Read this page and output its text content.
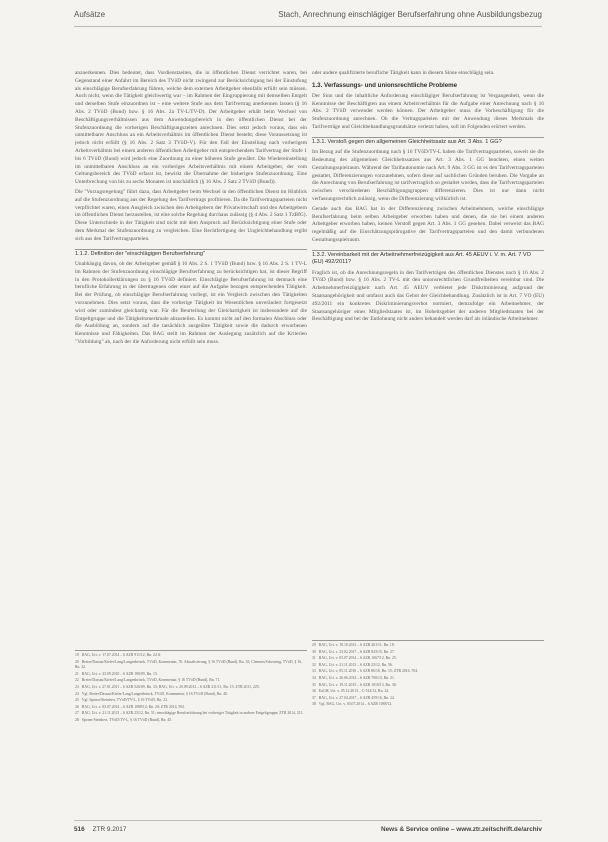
Aufsätze	Stach, Anrechnung einschlägiger Berufserfahrung ohne Ausbildungsbezug

anzuerkennen. Dies bedeutet, dass Vordienstzeiten, die in öffentlichen Dienst verrichtet waren, bei Gegenstand einer Anfahrt im Bereich des TVöD nicht zwingend zur Berücksichtigung bei der Einstufung als einschlägige Berufserfahrung führen, welche dem externen Arbeitgeber ebenfalls erfüllt sein müssen. Auch nicht, wenn die Tätigkeit gleichwertig war – im Rahmen der Eingruppierung mit demselben Entgelt und derselben Stufe einzuordnen ist – eine weitere Stufe aus dem Tarifvertrag anerkennen lassen (§ 16 Abs. 2 TVöD (Bund) bzw. § 16 Abs. 2a TV-L/TV-D). Der Arbeitgeber erhält beim Wechsel von Beschäftigungsverhältnissen aus dem Anwendungsbereich in den öffentlichen Dienst bei der Stufenzuordnung die vorherigen Beschäftigungszeiten anrechnen. Dies setzt jedoch voraus, dass ein unmittelbarer Anschluss an ein Arbeitsverhältnis im öffentlichen Dienst besteht; diese Voraussetzung ist jedoch nicht erfüllt (§ 16 Abs. 2 Satz 3 TVöD-V). Für den Fall der Einstellung nach vorherigem Arbeitsverhältnis bei einem anderen öffentlichen Arbeitgeber mit entsprechendem Tarifvertrag der Stufe 1 bis 6 TVöD (Bund) wird jedoch eine Zuordnung zu einer höheren Stufe gewährt. Die Wiedereinstellung im unmittelbaren Anschluss an ein vorheriges Arbeitsverhältnis mit einem Arbeitgeber, der vom Geltungsbereich des TVöD erfasst ist, bewirkt die Übernahme der bisherigen Stufenzuordnung. Eine Unterbrechung von bis zu sechs Monaten ist unschädlich (§ 16 Abs. 2 Satz 2 TVöD (Bund)).

Die "Vorzugsregelung" führt dazu, dass Arbeitgeber beim Wechsel in den öffentlichen Dienst im Hinblick auf die Stufenzuordnung aus der Regelung des Tarifvertrags profitieren. Da die Tarifvertragsparteien nicht verpflichtet waren, einen Ausgleich zwischen den Arbeitgebern der Privatwirtschaft und den Arbeitgebern im öffentlichen Dienst herzustellen, ist eine solche Regelung durchaus zulässig (§ 4 Abs. 2 Satz 1 TzBfG). Diese Unterschiede in der Tätigkeit sind nicht mit dem Anspruch auf Berücksichtigung einer Stufe oder dem Merkmal der Stufenzuordnung zu vergleichen. Eine Rechtfertigung der Ungleichbehandlung ergibt sich aus den Tarifvertragsparteien.

1.1.2. Definition der "einschlägigen Berufserfahrung"

Unabhängig davon, ob der Arbeitgeber gemäß § 16 Abs. 2 S. 1 TVöD (Bund) bzw. § 16 Abs. 2 S. 1 TV-L im Rahmen der Stufenzuordnung einschlägige Berufserfahrung zu berücksichtigen hat, ist dieser Begriff in den Protokollerklärungen zu § 16 TVöD definiert. Einschlägige Berufserfahrung ist demnach eine berufliche Erfahrung in der übertragenen oder einer auf die Aufgabe bezogen entsprechenden Tätigkeit. Bei der Prüfung, ob einschlägige Berufserfahrung vorliegt, ist ein Vergleich zwischen den Tätigkeiten vorzunehmen. Dies setzt voraus, dass die vorherige Tätigkeit im Wesentlichen unverändert fortgesetzt wird oder zumindest gleichartig war. Für die Beurteilung der Gleichartigkeit ist insbesondere auf die Entgeltgruppe und die Tätigkeitsmerkmale abzustellen. Es kommt nicht auf den formalen Abschluss oder die Ausbildung an, sondern auf die tatsächlich ausgeübte Tätigkeit sowie die dadurch erworbenen Kenntnisse und Fähigkeiten. Das BAG stellt im Rahmen der Auslegung zusätzlich auf die Kriterien "Vorbildung" ab, nach der die Anforderung nicht erfüllt sein muss.

19 BAG, Urt. v. 17.07.2014 – 6 AZR 911/12, Rn. 24 ff.
20 Breier/Dassau/Kiefer/Lang/Langenbrinck, TVöD, Kommentar, 70. Aktualisierung, § 16 TVöD (Bund), Rn. 35; Clemens/Scheuring, TVöD, § 16, Rn. 22.
21 BAG, Urt. v. 23.09.2010 – 6 AZR 180/09, Rn. 15.
22 Breier/Dassau/Kiefer/Lang/Langenbrinck, TVöD, Kommentar, § 16 TVöD (Bund), Rn. 71.
23 BAG, Urt. v. 27.01.2011 – 6 AZR 526/09, Rn. 33; BAG, Urt. v. 20.09.2012 – 6 AZR 211/11, Rn. 15; ZTR 2011, 225.
24 Vgl. Breier/Dassau/Kiefer/Lang/Langenbrinck, TVöD, Kommentar, § 16 TVöD (Bund), Rn. 40.
25 Vgl. Sponer/Steinherr, TVöD/TV-L, § 16 TVöD, Rn. 22.
26 BAG, Urt. v. 03.07.2014 – 6 AZR 1088/12, Rn. 20; ZTR 2014, 592.
27 BAG, Urt. v. 21.11.2013 – 6 AZR 23/12, Rn. 51; einschlägige Berufserfahrung bei vorheriger Tätigkeit in anderer Entgeltgruppe; ZTR 2014, 211.
28 Sponer/Steinherr, TVöD/TV-L, § 16 TVöD (Bund), Rn. 45.

oder andere qualifizierte berufliche Tätigkeit kann in diesem Sinne einschlägig sein.

1.3. Verfassungs- und unionsrechtliche Probleme

Der Sinn und die inhaltliche Anforderung einschlägiger Berufserfahrung ist Vergangenheit, wenn die Kenntnisse der Beschäftigten aus einem Arbeitsverhältnis für die Aufgabe einer Anrechnung nach § 16 Abs. 2 TVöD verwendet werden können. Der Arbeitgeber muss die Vorbeschäftigung für die Stufenzuordnung anrechnen. Ob die Vertragsparteien mit der Anwendung dieses Merkmals die Tarifverträge und Gleichbehandlungsgrundsätze verletzt haben, soll im Folgenden erörtert werden.

1.3.1. Verstoß gegen den allgemeinen Gleichheitssatz aus Art. 3 Abs. 1 GG?

Im Bezug auf die Stufenzuordnung nach § 16 TVöD/TV-L haben die Tarifvertragsparteien, soweit sie die Bedeutung des allgemeinen Gleichheitssatzes aus Art. 3 Abs. 1 GG beachten, einen weiten Gestaltungsspielraum. Während der Tarifautonomie nach Art. 9 Abs. 3 GG ist es den Tarifvertragsparteien gestattet, Differenzierungen vorzunehmen, sofern diese auf sachlichen Gründen beruhen. Die Vorgabe an die Anrechnung von Berufserfahrung ist tarifvertraglich so gestaltet worden, dass die Tarifvertragsparteien zwischen verschiedenen Beschäftigungsgruppen differenzieren. Dies ist nur dann nicht verfassungsrechtlich zulässig, wenn die Differenzierung willkürlich ist.

Gerade auch das BAG hat in der Differenzierung zwischen Arbeitnehmern, welche einschlägige Berufserfahrung beim selben Arbeitgeber erworben haben und denen, die sie bei einem anderen Arbeitgeber erworben haben, keinen Verstoß gegen Art. 3 Abs. 1 GG gesehen. Dabei verweist das BAG regelmäßig auf die Einschätzungsprärogative der Tarifvertragsparteien und den damit verbundenen Gestaltungsspielraum.

1.3.2. Vereinbarkeit mit der Arbeitnehmerfreizügigkeit aus Art. 45 AEUV i. V. m. Art. 7 VO (EU) 492/2011?

Fraglich ist, ob die Anrechnungsregeln in den Tarifverträgen des öffentlichen Dienstes nach § 16 Abs. 2 TVöD (Bund) bzw. § 16 Abs. 2 TV-L mit den unionsrechtlichen Grundfreiheiten vereinbar sind. Die Arbeitnehmerfreizügigkeit nach Art. 45 AEUV verbietet jede Diskriminierung aufgrund der Staatsangehörigkeit und umfasst auch das Gebot der Gleichbehandlung. Zusätzlich ist in Art. 7 VO (EU) 492/2011 ein konkretes Diskriminierungsverbot normiert, demzufolge ein Arbeitnehmer, der Staatsangehöriger eines Mitgliedstaates ist, im Hoheitsgebiet der anderen Mitgliedstaaten bei der Beschäftigung und bei der Entlohnung nicht anders behandelt werden darf als inländische Arbeitnehmer.

29 BAG, Urt. v. 18.10.2012 – 6 AZR 261/11, Rn. 18.
30 BAG, Urt. v. 23.02.2017 – 6 AZR 843/15, Rn. 27.
31 BAG, Urt. v. 03.07.2014 – 6 AZR 1067/12, Rn. 25.
32 BAG, Urt. v. 21.11.2013 – 6 AZR 23/12, Rn. 56.
33 BAG, Urt. v. 05.11.2016 – 6 AZR 86/16, Rn. 15; ZTR 2016, 704.
34 BAG, Urt. v. 26.06.2014 – 6 AZR 700/13, Rn. 21.
35 BAG, Urt. v. 19.11.2015 – 6 AZR 1010/13, Rn. 30.
36 EuGH, Urt. v. 05.12.2013 – C-514/12, Rn. 24.
37 BAG, Urt. v. 27.04.2017 – 6 AZR 459/16, Rn. 22.
38 Vgl. BAG, Urt. v. 03.07.2014 – 6 AZR 1088/12.
516 ZTR 9.2017	News & Service online – www.ztr.zeitschrift.de/archiv
